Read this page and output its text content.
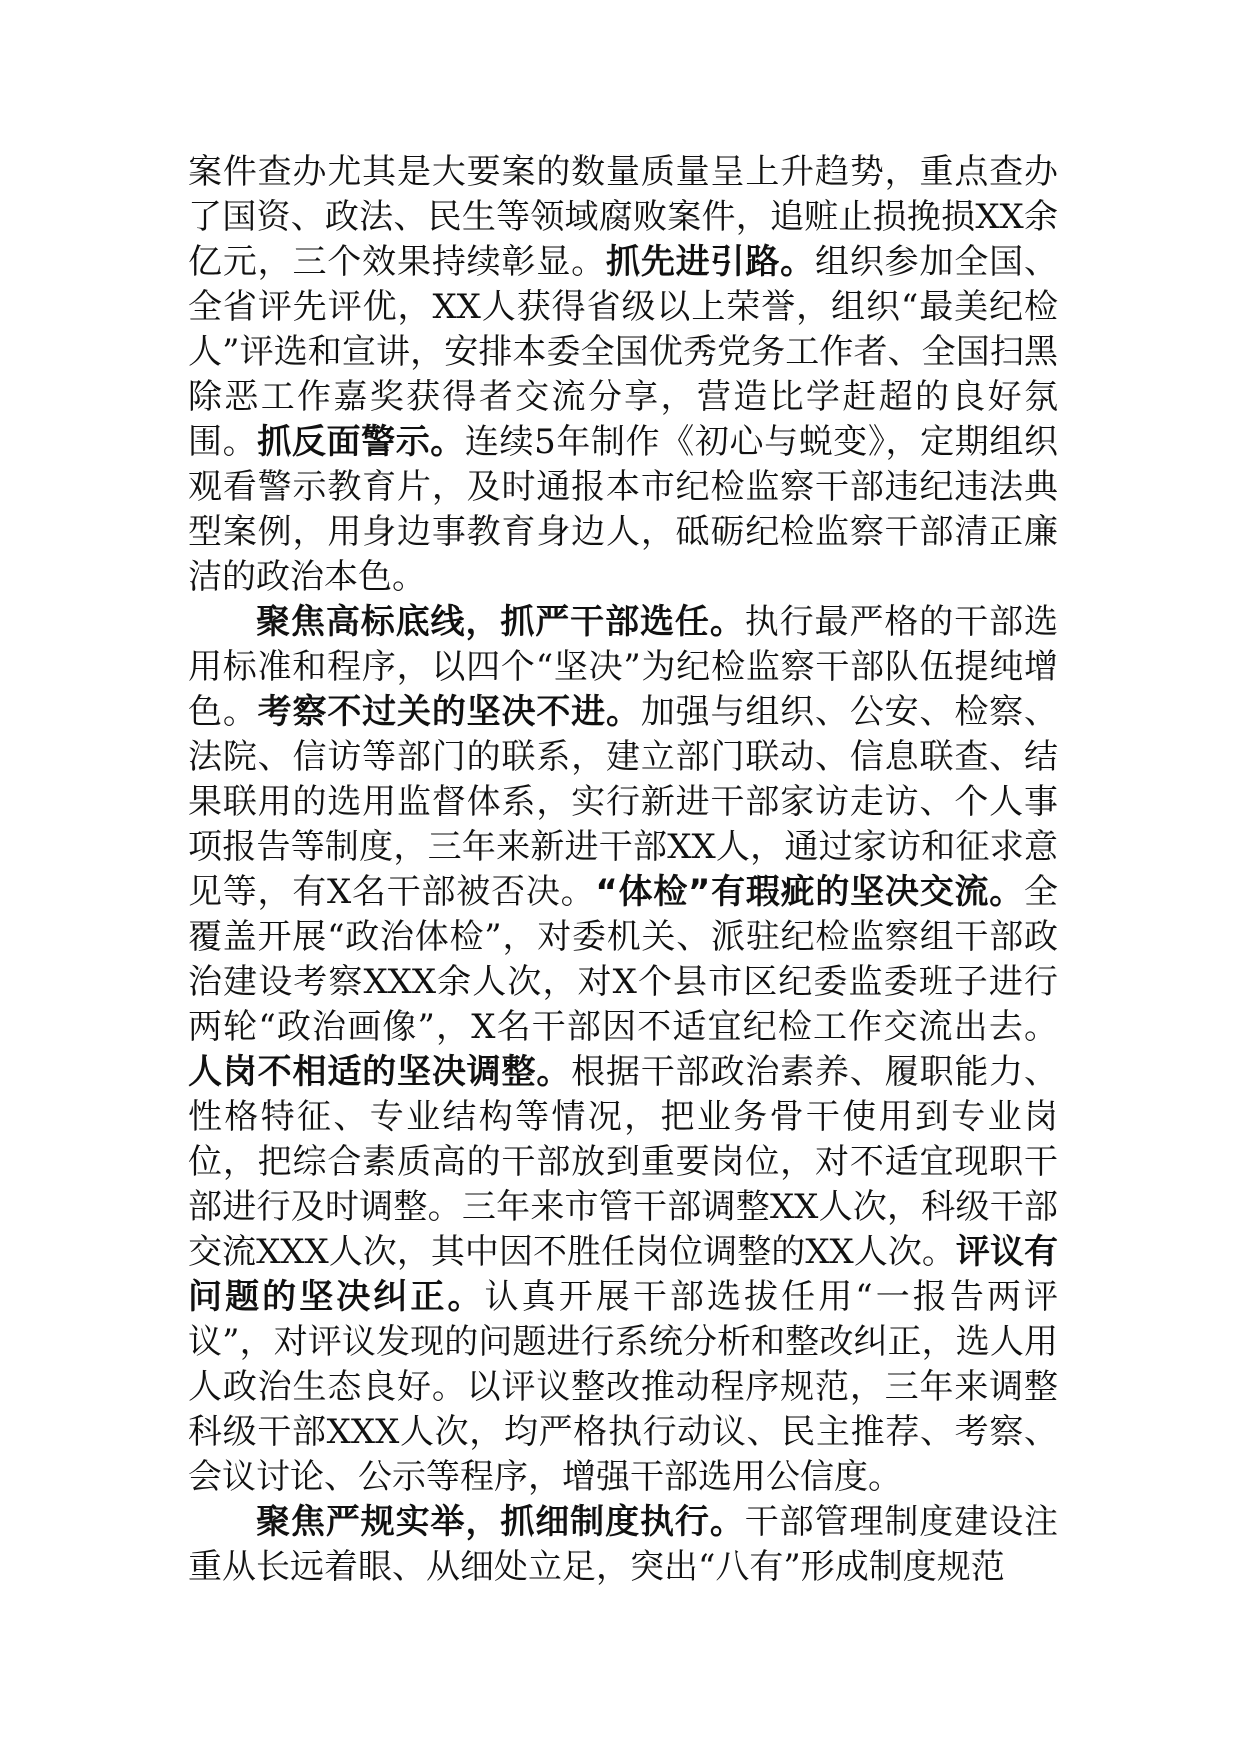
案件查办尤其是大要案的数量质量呈上升趋势，重点查办了国资、政法、民生等领域腐败案件，追赃止损挽损XX余亿元，三个效果持续彰显。抓先进引路。组织参加全国、全省评先评优，XX人获得省级以上荣誉，组织“最美纪检人”评选和宣讲，安排本委全国优秀党务工作者、全国扫黑除恶工作嘉奖获得者交流分享，营造比学赶超的良好氛围。抓反面警示。连续5年制作《初心与蜕变》，定期组织观看警示教育片，及时通报本市纪检监察干部违纪违法典型案例，用身边事教育身边人，砥砺纪检监察干部清正廉洁的政治本色。

聚焦高标底线，抓严干部选任。执行最严格的干部选用标准和程序，以四个“坚决”为纪检监察干部队伍提纯增色。考察不过关的坚决不进。加强与组织、公安、检察、法院、信访等部门的联系，建立部门联动、信息联查、结果联用的选用监督体系，实行新进干部家访走访、个人事项报告等制度，三年来新进干部XX人，通过家访和征求意见等，有X名干部被否决。“体检”有瑕疵的坚决交流。全覆盖开展“政治体检”，对委机关、派驻纪检监察组干部政治建设考察XXX余人次，对X个县市区纪委监委班子进行两轮“政治画像”，X名干部因不适宜纪检工作交流出去。人岗不相适的坚决调整。根据干部政治素养、履职能力、性格特征、专业结构等情况，把业务骨干使用到专业岗位，把综合素质高的干部放到重要岗位，对不适宜现职干部进行及时调整。三年来市管干部调整XX人次，科级干部交流XXX人次，其中因不胜任岗位调整的XX人次。评议有问题的坚决纠正。认真开展干部选拔任用“一报告两评议”，对评议发现的问题进行系统分析和整改纠正，选人用人政治生态良好。以评议整改推动程序规范，三年来调整科级干部XXX人次，均严格执行动议、民主推荐、考察、会议讨论、公示等程序，增强干部选用公信度。

聚焦严规实举，抓细制度执行。干部管理制度建设注重从长远着眼、从细处立足，突出“八有”形成制度规范
